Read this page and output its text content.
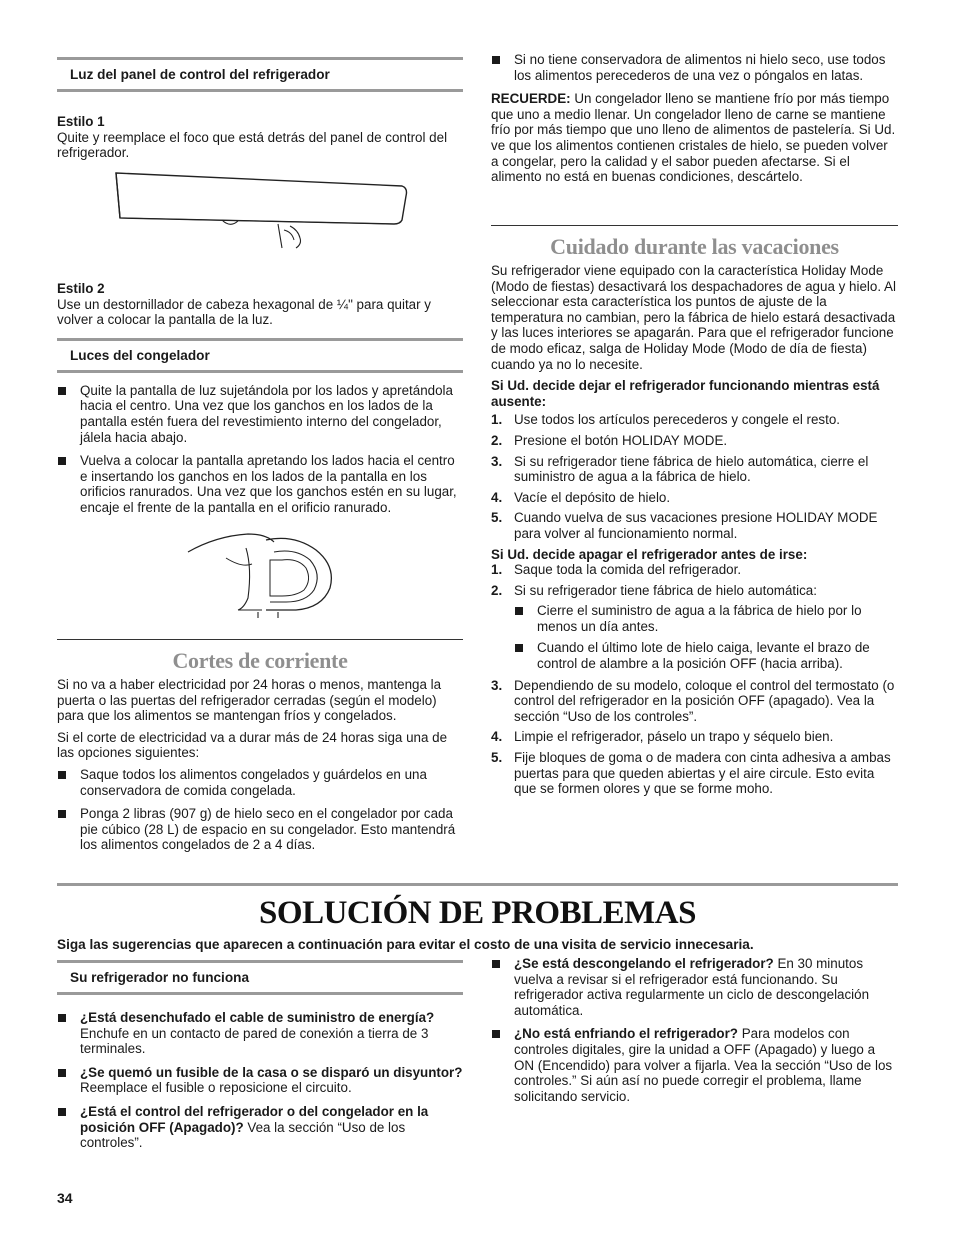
Luz del panel de control del refrigerador
Estilo 1

Quite y reemplace el foco que está detrás del panel de control del refrigerador.

Estilo 2

Use un destornillador de cabeza hexagonal de ¼" para quitar y volver a colocar la pantalla de la luz.

Luces del congelador
Quite la pantalla de luz sujetándola por los lados y apretándola hacia el centro. Una vez que los ganchos en los lados de la pantalla estén fuera del revestimiento interno del congelador, jálela hacia abajo.
Vuelva a colocar la pantalla apretando los lados hacia el centro e insertando los ganchos en los lados de la pantalla en los orificios ranurados. Una vez que los ganchos estén en su lugar, encaje el frente de la pantalla en el orificio ranurado.
Cortes de corriente

Si no va a haber electricidad por 24 horas o menos, mantenga la puerta o las puertas del refrigerador cerradas (según el modelo) para que los alimentos se mantengan fríos y congelados.

Si el corte de electricidad va a durar más de 24 horas siga una de las opciones siguientes:

Saque todos los alimentos congelados y guárdelos en una conservadora de comida congelada.
Ponga 2 libras (907 g) de hielo seco en el congelador por cada pie cúbico (28 L) de espacio en su congelador. Esto mantendrá los alimentos congelados de 2 a 4 días.
Si no tiene conservadora de alimentos ni hielo seco, use todos los alimentos perecederos de una vez o póngalos en latas.

RECUERDE: Un congelador lleno se mantiene frío por más tiempo que uno a medio llenar. Un congelador lleno de carne se mantiene frío por más tiempo que uno lleno de alimentos de pastelería. Si Ud. ve que los alimentos contienen cristales de hielo, se pueden volver a congelar, pero la calidad y el sabor pueden afectarse. Si el alimento no está en buenas condiciones, descártelo.

Cuidado durante las vacaciones

Su refrigerador viene equipado con la característica Holiday Mode (Modo de fiestas) desactivará los despachadores de agua y hielo. Al seleccionar esta característica los puntos de ajuste de la temperatura no cambian, pero la fábrica de hielo estará desactivada y las luces interiores se apagarán. Para que el refrigerador funcione de modo eficaz, salga de Holiday Mode (Modo de día de fiesta) cuando ya no lo necesite.

Si Ud. decide dejar el refrigerador funcionando mientras está ausente:
1. Use todos los artículos perecederos y congele el resto.
2. Presione el botón HOLIDAY MODE.
3. Si su refrigerador tiene fábrica de hielo automática, cierre el suministro de agua a la fábrica de hielo.
4. Vacíe el depósito de hielo.
5. Cuando vuelva de sus vacaciones presione HOLIDAY MODE para volver al funcionamiento normal.
Si Ud. decide apagar el refrigerador antes de irse:
1. Saque toda la comida del refrigerador.
2. Si su refrigerador tiene fábrica de hielo automática:
Cierre el suministro de agua a la fábrica de hielo por lo menos un día antes.
Cuando el último lote de hielo caiga, levante el brazo de control de alambre a la posición OFF (hacia arriba).
3. Dependiendo de su modelo, coloque el control del termostato (o control del refrigerador en la posición OFF (apagado). Vea la sección “Uso de los controles”.
4. Limpie el refrigerador, páselo un trapo y séquelo bien.
5. Fije bloques de goma o de madera con cinta adhesiva a ambas puertas para que queden abiertas y el aire circule. Esto evita que se formen olores y que se forme moho.
SOLUCIÓN DE PROBLEMAS
Siga las sugerencias que aparecen a continuación para evitar el costo de una visita de servicio innecesaria.
Su refrigerador no funciona
¿Está desenchufado el cable de suministro de energía? Enchufe en un contacto de pared de conexión a tierra de 3 terminales.
¿Se quemó un fusible de la casa o se disparó un disyuntor? Reemplace el fusible o reposicione el circuito.
¿Está el control del refrigerador o del congelador en la posición OFF (Apagado)? Vea la sección “Uso de los controles”.
¿Se está descongelando el refrigerador? En 30 minutos vuelva a revisar si el refrigerador está funcionando. Su refrigerador activa regularmente un ciclo de descongelación automática.
¿No está enfriando el refrigerador? Para modelos con controles digitales, gire la unidad a OFF (Apagado) y luego a ON (Encendido) para volver a fijarla. Vea la sección “Uso de los controles.” Si aún así no puede corregir el problema, llame solicitando servicio.
34
